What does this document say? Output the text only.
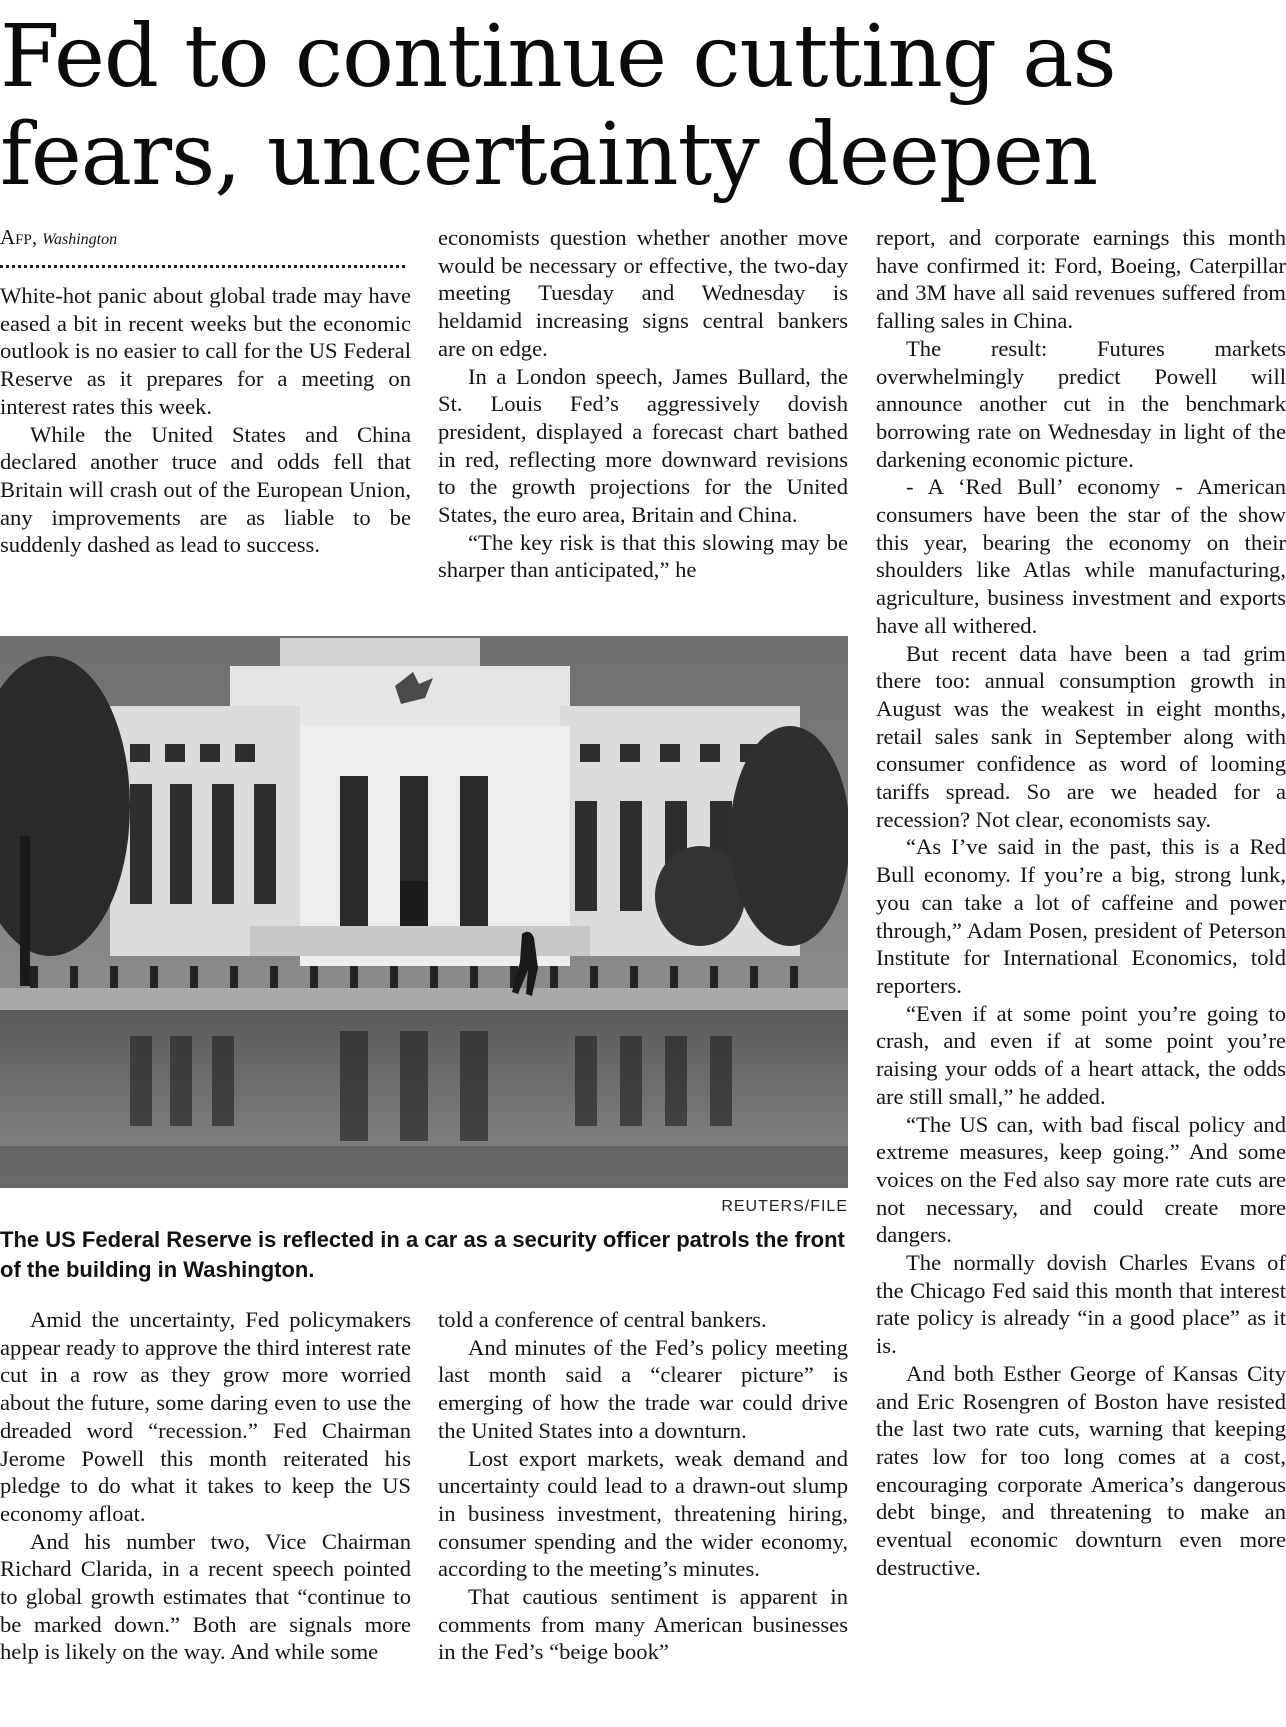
Fed to continue cutting as
fears, uncertainty deepen
Afp, Washington

White-hot panic about global trade may have eased a bit in recent weeks but the economic outlook is no easier to call for the US Federal Reserve as it prepares for a meeting on interest rates this week.

While the United States and China declared another truce and odds fell that Britain will crash out of the European Union, any improvements are as liable to be suddenly dashed as lead to success.

economists question whether another move would be necessary or effective, the two-day meeting Tuesday and Wednesday is heldamid increasing signs central bankers are on edge.

In a London speech, James Bullard, the St. Louis Fed’s aggressively dovish president, displayed a forecast chart bathed in red, reflecting more downward revisions to the growth projections for the United States, the euro area, Britain and China.

“The key risk is that this slowing may be sharper than anticipated,” he

report, and corporate earnings this month have confirmed it: Ford, Boeing, Caterpillar and 3M have all said revenues suffered from falling sales in China.

The result: Futures markets overwhelmingly predict Powell will announce another cut in the benchmark borrowing rate on Wednesday in light of the darkening economic picture.

- A ‘Red Bull’ economy - American consumers have been the star of the show this year, bearing the economy on their shoulders like Atlas while manufacturing, agriculture, business investment and exports have all withered.

But recent data have been a tad grim there too: annual consumption growth in August was the weakest in eight months, retail sales sank in September along with consumer confidence as word of looming tariffs spread. So are we headed for a recession? Not clear, economists say.

“As I’ve said in the past, this is a Red Bull economy. If you’re a big, strong lunk, you can take a lot of caffeine and power through,” Adam Posen, president of Peterson Institute for International Economics, told reporters.

“Even if at some point you’re going to crash, and even if at some point you’re raising your odds of a heart attack, the odds are still small,” he added.

“The US can, with bad fiscal policy and extreme measures, keep going.” And some voices on the Fed also say more rate cuts are not necessary, and could create more dangers.

The normally dovish Charles Evans of the Chicago Fed said this month that interest rate policy is already “in a good place” as it is.

And both Esther George of Kansas City and Eric Rosengren of Boston have resisted the last two rate cuts, warning that keeping rates low for too long comes at a cost, encouraging corporate America’s dangerous debt binge, and threatening to make an eventual economic downturn even more destructive.

REUTERS/FILE
The US Federal Reserve is reflected in a car as a security officer patrols the front of the building in Washington.

Amid the uncertainty, Fed policymakers appear ready to approve the third interest rate cut in a row as they grow more worried about the future, some daring even to use the dreaded word “recession.” Fed Chairman Jerome Powell this month reiterated his pledge to do what it takes to keep the US economy afloat.

And his number two, Vice Chairman Richard Clarida, in a recent speech pointed to global growth estimates that “continue to be marked down.” Both are signals more help is likely on the way. And while some

told a conference of central bankers.

And minutes of the Fed’s policy meeting last month said a “clearer picture” is emerging of how the trade war could drive the United States into a downturn.

Lost export markets, weak demand and uncertainty could lead to a drawn-out slump in business investment, threatening hiring, consumer spending and the wider economy, according to the meeting’s minutes.

That cautious sentiment is apparent in comments from many American businesses in the Fed’s “beige book”
